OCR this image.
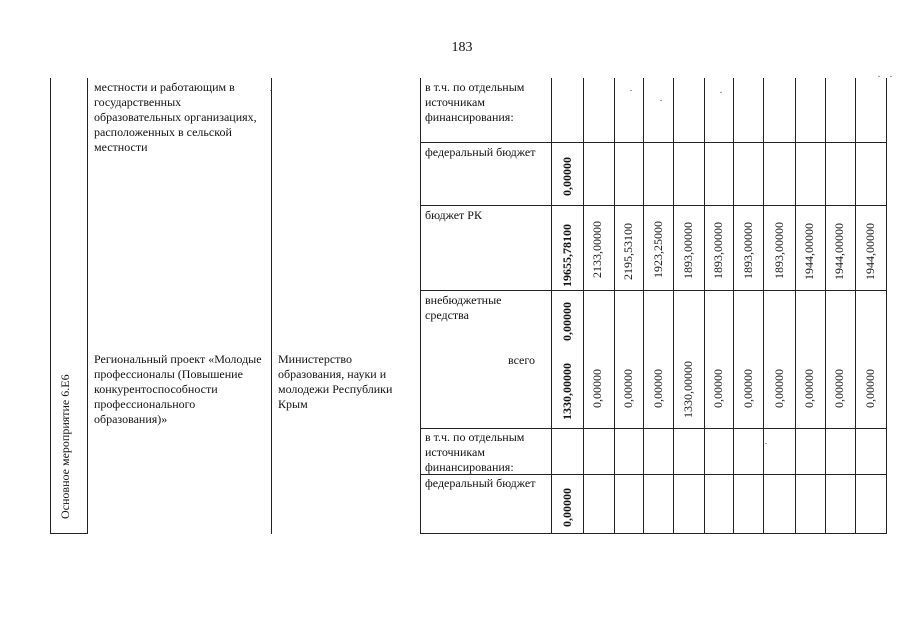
183
Основное мероприятие 6.Е6
местности и работающим в государственных образовательных организациях, расположенных в сельской местности
Региональный проект «Молодые профессионалы (Повышение конкурентоспособности профессионального образования)»
Министерство образования, науки и молодежи Республики Крым
в т.ч. по отдельным источникам финансирования:
федеральный бюджет
бюджет РК
внебюджетные средства
всего
в т.ч. по отдельным источникам финансирования:
федеральный бюджет
0,00000
19655,78100 2133,00000 2195,53100 1923,25000 1893,00000 1893,00000 1893,00000 1893,00000 1944,00000 1944,00000 1944,00000
0,00000
1330,00000 0,00000 0,00000 0,00000 1330,00000 0,00000 0,00000 0,00000 0,00000 0,00000 0,00000
0,00000
